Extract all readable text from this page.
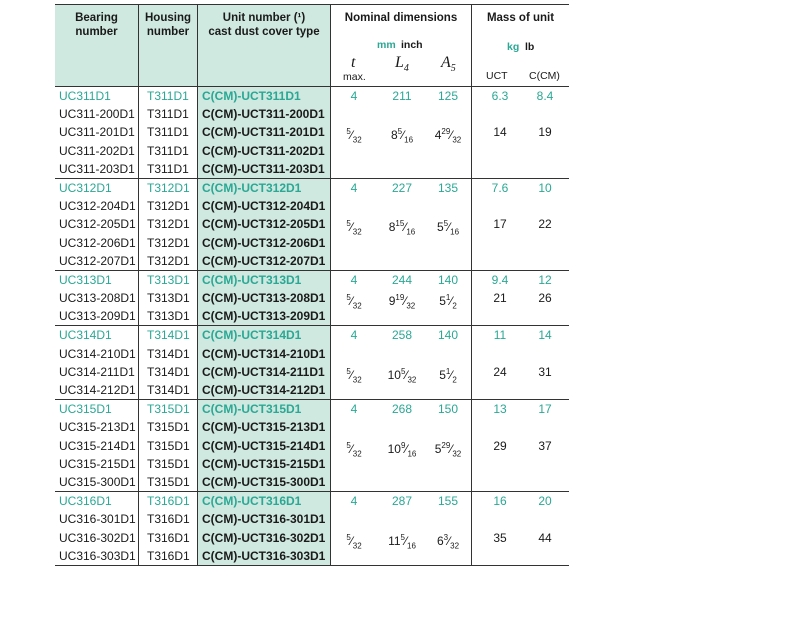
Bearing
number
Housing
number
Unit number (¹)
cast dust cover type
Nominal dimensions
mm inch
t
max.
$L_4$ $A_5$
Mass of unit
kg lb
UCT C(CM)
UC311D1	T311D1 C(CM)-UCT311D1	4	211 125	6.3 8.4
UC311-200D1 T311D1 C(CM)-UCT311-200D1
UC311-201D1 T311D1 C(CM)-UCT311-201D1	$^5⁄_{32}$ $8^5⁄_{16}$ $4^{29}⁄_{32}$
14	19
UC311-202D1 T311D1 C(CM)-UCT311-202D1
UC311-203D1 T311D1 C(CM)-UCT311-203D1
UC312D1	T312D1 C(CM)-UCT312D1	4	227 135	7.6 10
UC312-204D1 T312D1 C(CM)-UCT312-204D1
UC312-205D1 T312D1 C(CM)-UCT312-205D1	$^5⁄_{32}$ $8^{15}⁄_{16}$ $5^5⁄_{16}$
17	22
UC312-206D1 T312D1 C(CM)-UCT312-206D1
UC312-207D1 T312D1 C(CM)-UCT312-207D1
UC313D1	T313D1 C(CM)-UCT313D1	4	244 140	9.4 12
UC313-208D1 T313D1 C(CM)-UCT313-208D1	$^5⁄_{32}$ $9^{19}⁄_{32}$ $5^1⁄_2$
21	26
UC313-209D1 T313D1 C(CM)-UCT313-209D1
UC314D1	T314D1 C(CM)-UCT314D1	4	258 140	11	14
UC314-210D1 T314D1 C(CM)-UCT314-210D1
UC314-211D1 T314D1 C(CM)-UCT314-211D1	$^5⁄_{32}$ $10^5⁄_{32}$ $5^1⁄_2$
24	31
UC314-212D1 T314D1 C(CM)-UCT314-212D1
UC315D1	T315D1 C(CM)-UCT315D1	4	268 150	13	17
UC315-213D1 T315D1 C(CM)-UCT315-213D1
UC315-214D1 T315D1 C(CM)-UCT315-214D1	$^5⁄_{32}$ $10^9⁄_{16}$ $5^{29}⁄_{32}$
29	37
UC315-215D1 T315D1 C(CM)-UCT315-215D1
UC315-300D1 T315D1 C(CM)-UCT315-300D1
UC316D1	T316D1 C(CM)-UCT316D1	4	287 155	16	20
UC316-301D1 T316D1 C(CM)-UCT316-301D1
UC316-302D1 T316D1 C(CM)-UCT316-302D1	$^5⁄_{32}$ $11^5⁄_{16}$ $6^3⁄_{32}$
35	44
UC316-303D1 T316D1 C(CM)-UCT316-303D1
